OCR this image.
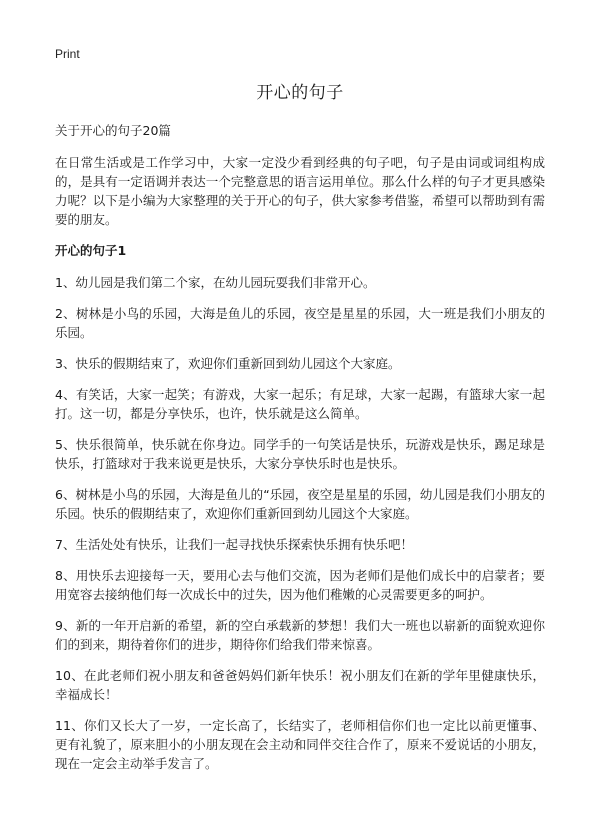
Print
开心的句子

关于开心的句子20篇

在日常生活或是工作学习中，大家一定没少看到经典的句子吧，句子是由词或词组构成的，是具有一定语调并表达一个完整意思的语言运用单位。那么什么样的句子才更具感染力呢？以下是小编为大家整理的关于开心的句子，供大家参考借鉴，希望可以帮助到有需要的朋友。

开心的句子1

1、幼儿园是我们第二个家，在幼儿园玩耍我们非常开心。

2、树林是小鸟的乐园，大海是鱼儿的乐园，夜空是星星的乐园，大一班是我们小朋友的乐园。

3、快乐的假期结束了，欢迎你们重新回到幼儿园这个大家庭。

4、有笑话，大家一起笑；有游戏，大家一起乐；有足球，大家一起踢，有篮球大家一起打。这一切，都是分享快乐，也许，快乐就是这么简单。

5、快乐很简单，快乐就在你身边。同学手的一句笑话是快乐，玩游戏是快乐，踢足球是快乐，打篮球对于我来说更是快乐，大家分享快乐时也是快乐。

6、树林是小鸟的乐园，大海是鱼儿的“乐园，夜空是星星的乐园，幼儿园是我们小朋友的乐园。快乐的假期结束了，欢迎你们重新回到幼儿园这个大家庭。

7、生活处处有快乐，让我们一起寻找快乐探索快乐拥有快乐吧！

8、用快乐去迎接每一天，要用心去与他们交流，因为老师们是他们成长中的启蒙者；要用宽容去接纳他们每一次成长中的过失，因为他们稚嫩的心灵需要更多的呵护。

9、新的一年开启新的希望，新的空白承载新的梦想！我们大一班也以崭新的面貌欢迎你们的到来，期待着你们的进步，期待你们给我们带来惊喜。

10、在此老师们祝小朋友和爸爸妈妈们新年快乐！祝小朋友们在新的学年里健康快乐，幸福成长！

11、你们又长大了一岁，一定长高了，长结实了，老师相信你们也一定比以前更懂事、更有礼貌了，原来胆小的小朋友现在会主动和同伴交往合作了，原来不爱说话的小朋友，现在一定会主动举手发言了。
